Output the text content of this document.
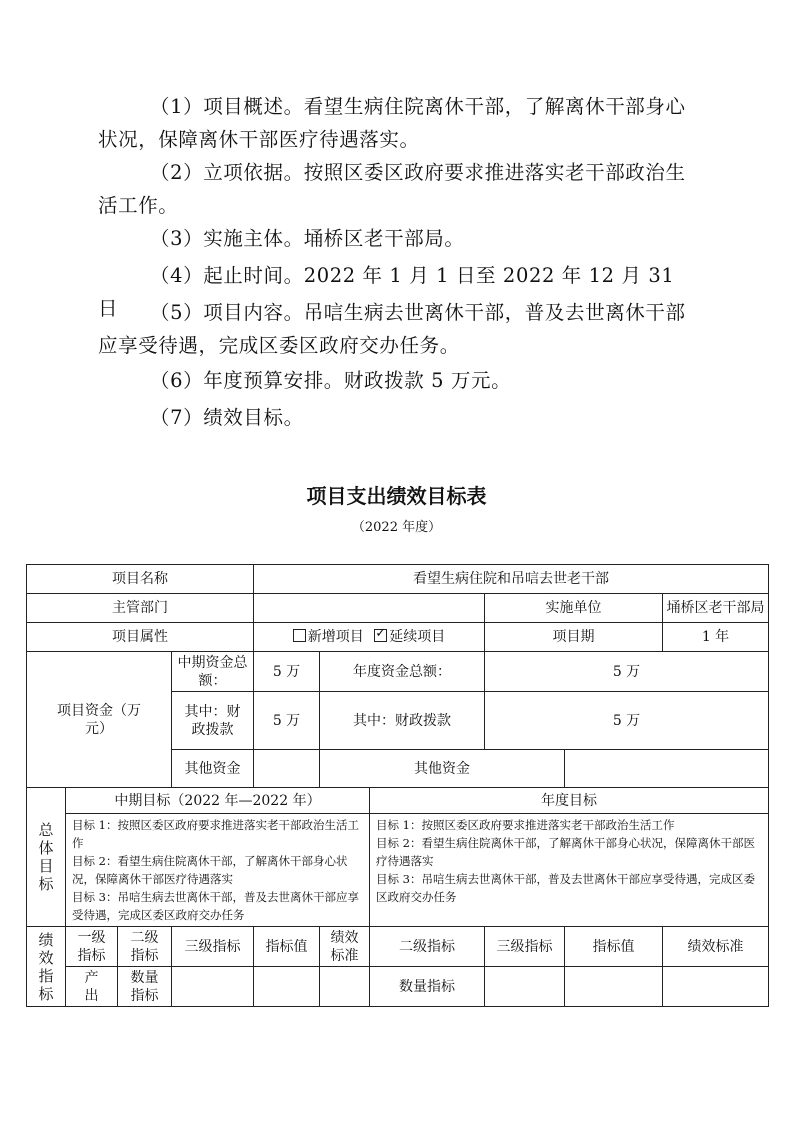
（1）项目概述。看望生病住院离休干部，了解离休干部身心状况，保障离休干部医疗待遇落实。

（2）立项依据。按照区委区政府要求推进落实老干部政治生活工作。

（3）实施主体。埇桥区老干部局。

（4）起止时间。2022 年 1 月 1 日至 2022 年 12 月 31 日	（5）项目内容。吊唁生病去世离休干部，普及去世离休干部应享受待遇，完成区委区政府交办任务。

（6）年度预算安排。财政拨款 5 万元。

（7）绩效目标。

项目支出绩效目标表
（2022 年度）
项目名称				看望生病住院和吊唁去世老干部					
主管部门							实施单位		埇桥区老干部局
项目属性				新增项目 ✓ 延续项目			项目期		1 年
项目资金（万元）			中期资金总额：	5 万	年度资金总额：		5 万		
			其中：财政拨款	5 万	其中：财政拨款		5 万		
			其他资金		其他资金				
总体目标	中期目标（2022 年—2022 年）					年度目标			
	目标 1：按照区委区政府要求推进落实老干部政治生活工作
目标 2：看望生病住院离休干部，了解离休干部身心状况，保障离休干部医疗待遇落实
目标 3：吊唁生病去世离休干部，普及去世离休干部应享受待遇，完成区委区政府交办任务					目标 1：按照区委区政府要求推进落实老干部政治生活工作
目标 2：看望生病住院离休干部，了解离休干部身心状况，保障离休干部医疗待遇落实
目标 3：吊唁生病去世离休干部，普及去世离休干部应享受待遇，完成区委区政府交办任务			
绩效指标	一级指标	二级指标	三级指标	指标值	绩效标准	二级指标	三级指标	指标值	绩效标准
	产出	数量指标				数量指标			
